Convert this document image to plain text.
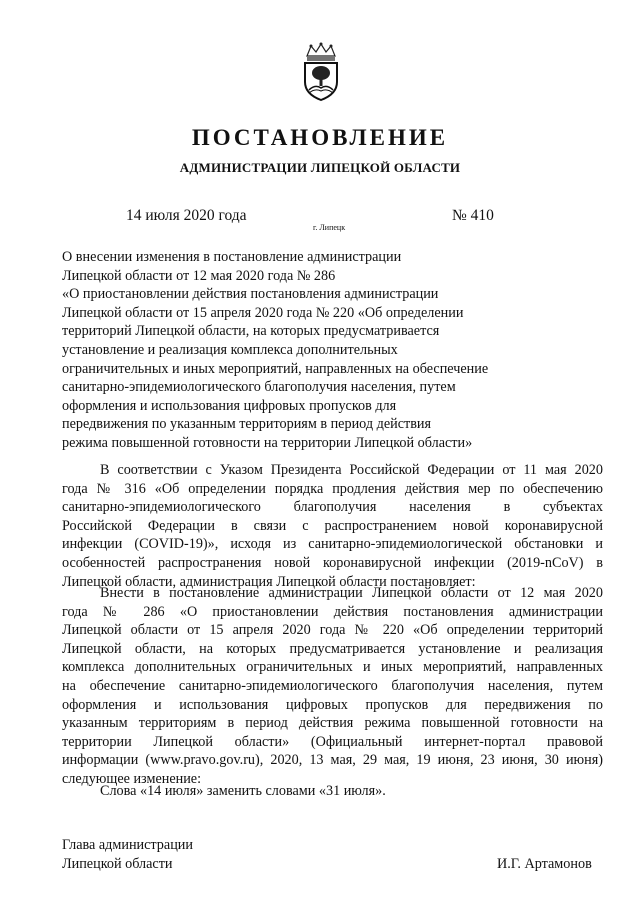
ПОСТАНОВЛЕНИЕ
АДМИНИСТРАЦИИ ЛИПЕЦКОЙ ОБЛАСТИ
14 июля 2020 года
г. Липецк
№ 410
О внесении изменения в постановление администрации
Липецкой области от 12 мая 2020 года № 286
«О приостановлении действия постановления администрации
Липецкой области от 15 апреля 2020 года № 220 «Об определении
территорий Липецкой области, на которых предусматривается
установление и реализация комплекса дополнительных
ограничительных и иных мероприятий, направленных на обеспечение
санитарно-эпидемиологического благополучия населения, путем
оформления и использования цифровых пропусков для
передвижения по указанным территориям в период действия
режима повышенной готовности на территории Липецкой области»
В соответствии с Указом Президента Российской Федерации от 11 мая 2020
года № 316 «Об определении порядка продления действия мер по обеспечению
санитарно-эпидемиологического благополучия населения в субъектах
Российской Федерации в связи с распространением новой коронавирусной
инфекции (COVID-19)», исходя из санитарно-эпидемиологической обстановки и
особенностей распространения новой коронавирусной инфекции (2019-nCoV) в
Липецкой области, администрация Липецкой области постановляет:
Внести в постановление администрации Липецкой области от 12 мая 2020
года № 286 «О приостановлении действия постановления администрации
Липецкой области от 15 апреля 2020 года № 220 «Об определении территорий
Липецкой области, на которых предусматривается установление и реализация
комплекса дополнительных ограничительных и иных мероприятий, направленных
на обеспечение санитарно-эпидемиологического благополучия населения, путем
оформления и использования цифровых пропусков для передвижения по
указанным территориям в период действия режима повышенной готовности на
территории Липецкой области» (Официальный интернет-портал правовой
информации (www.pravo.gov.ru), 2020, 13 мая, 29 мая, 19 июня, 23 июня, 30 июня)
следующее изменение:
Слова «14 июля» заменить словами «31 июля».
Глава администрации
Липецкой области	И.Г. Артамонов
